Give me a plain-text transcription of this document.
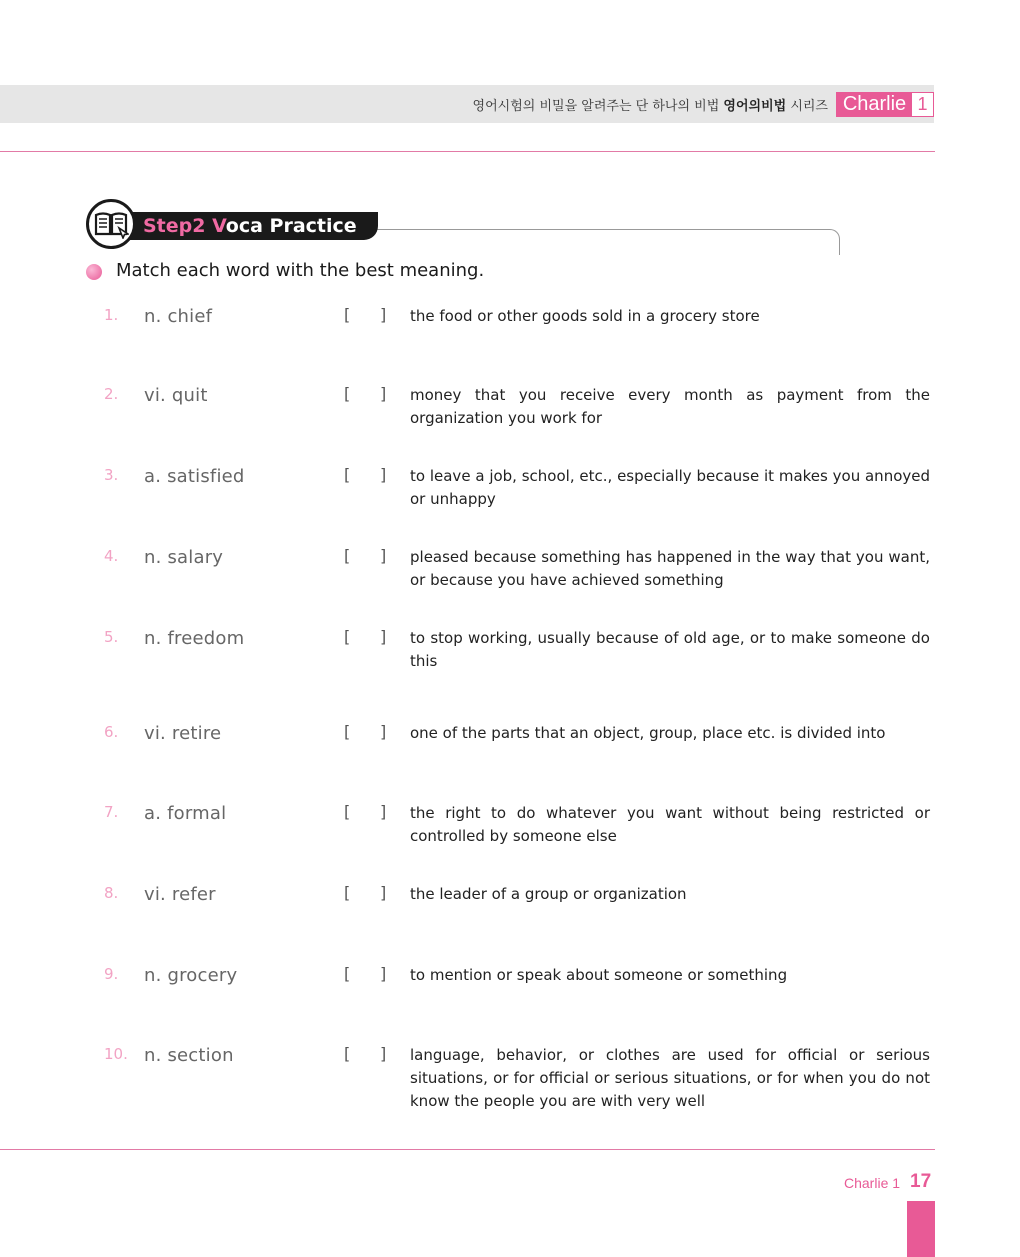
영어시험의 비밀을 알려주는 단 하나의 비법 영어의비법 시리즈 Charlie 1
Step2 Voca Practice
Match each word with the best meaning.
1. n. chief	[ ] the food or other goods sold in a grocery store
2. vi. quit	[ ] money that you receive every month as payment from the organization you work for
3. a. satisfied	[ ] to leave a job, school, etc., especially because it makes you annoyed or unhappy
4. n. salary	[ ] pleased because something has happened in the way that you want, or because you have achieved something
5. n. freedom	[ ] to stop working, usually because of old age, or to make someone do this
6. vi. retire	[ ] one of the parts that an object, group, place etc. is divided into
7. a. formal	[ ] the right to do whatever you want without being restricted or controlled by someone else
8. vi. refer	[ ] the leader of a group or organization
9. n. grocery	[ ] to mention or speak about someone or something
10. n. section	[ ] language, behavior, or clothes are used for official or serious situations, or for official or serious situations, or for when you do not know the people you are with very well
Charlie 1 17
